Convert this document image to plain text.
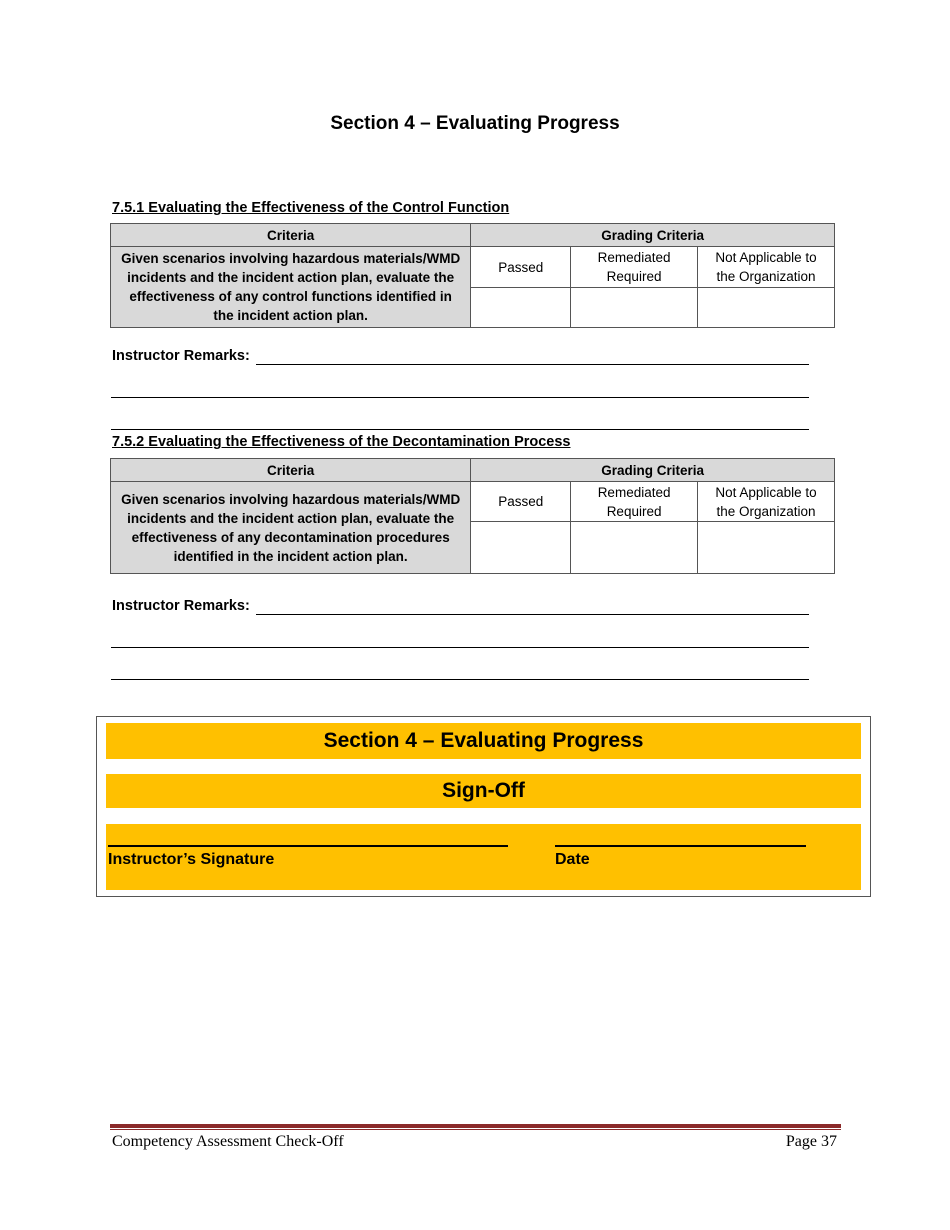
Section 4 – Evaluating Progress
7.5.1 Evaluating the Effectiveness of the Control Function
Criteria	Grading Criteria		
Given scenarios involving hazardous materials/WMD incidents and the incident action plan, evaluate the effectiveness of any control functions identified in the incident action plan.	Passed	Remediated Required	Not Applicable to the Organization

Instructor Remarks:
7.5.2 Evaluating the Effectiveness of the Decontamination Process
Criteria	Grading Criteria		
Given scenarios involving hazardous materials/WMD incidents and the incident action plan, evaluate the effectiveness of any decontamination procedures identified in the incident action plan.	Passed	Remediated Required	Not Applicable to the Organization

Instructor Remarks:
Section 4 – Evaluating Progress
Sign-Off
Instructor’s Signature	Date
Competency Assessment Check-Off	Page 37
